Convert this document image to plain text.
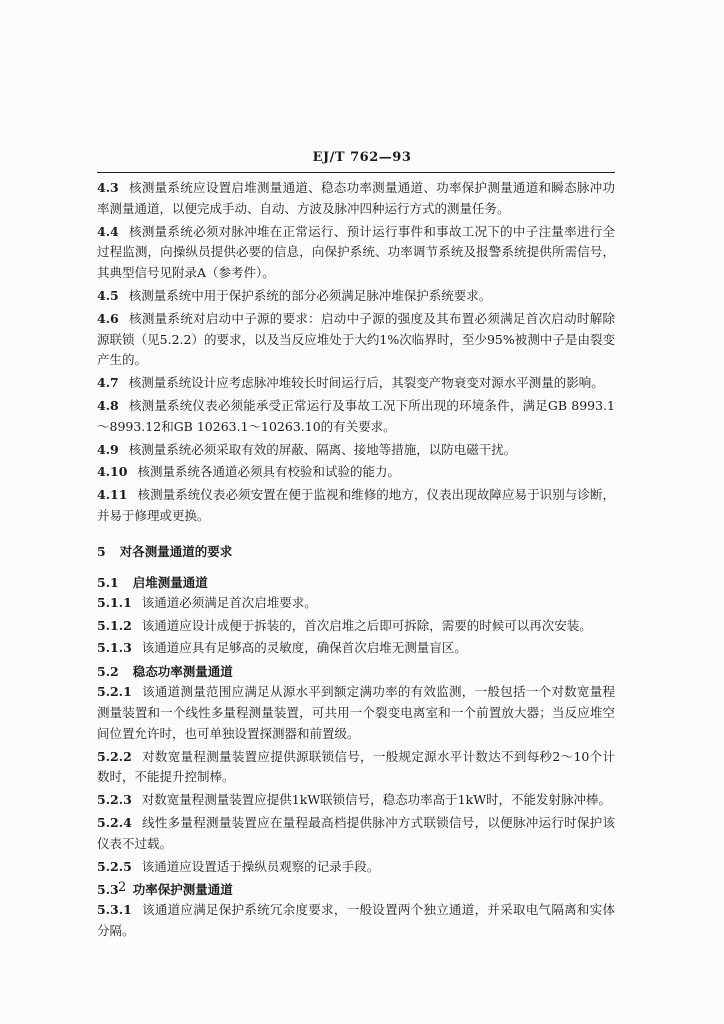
EJ/T 762—93

4.3 核测量系统应设置启堆测量通道、稳态功率测量通道、功率保护测量通道和瞬态脉冲功率测量通道，以便完成手动、自动、方波及脉冲四种运行方式的测量任务。

4.4 核测量系统必须对脉冲堆在正常运行、预计运行事件和事故工况下的中子注量率进行全过程监测，向操纵员提供必要的信息，向保护系统、功率调节系统及报警系统提供所需信号，其典型信号见附录A（参考件）。

4.5 核测量系统中用于保护系统的部分必须满足脉冲堆保护系统要求。

4.6 核测量系统对启动中子源的要求：启动中子源的强度及其布置必须满足首次启动时解除源联锁（见5.2.2）的要求，以及当反应堆处于大约1%次临界时，至少95%被测中子是由裂变产生的。

4.7 核测量系统设计应考虑脉冲堆较长时间运行后，其裂变产物衰变对源水平测量的影响。

4.8 核测量系统仪表必须能承受正常运行及事故工况下所出现的环境条件，满足GB 8993.1～8993.12和GB 10263.1～10263.10的有关要求。

4.9 核测量系统必须采取有效的屏蔽、隔离、接地等措施，以防电磁干扰。

4.10 核测量系统各通道必须具有校验和试验的能力。

4.11 核测量系统仪表必须安置在便于监视和维修的地方，仪表出现故障应易于识别与诊断，并易于修理或更换。

5 对各测量通道的要求

5.1 启堆测量通道

5.1.1 该通道必须满足首次启堆要求。

5.1.2 该通道应设计成便于拆装的，首次启堆之后即可拆除，需要的时候可以再次安装。

5.1.3 该通道应具有足够高的灵敏度，确保首次启堆无测量盲区。

5.2 稳态功率测量通道

5.2.1 该通道测量范围应满足从源水平到额定满功率的有效监测，一般包括一个对数宽量程测量装置和一个线性多量程测量装置，可共用一个裂变电离室和一个前置放大器；当反应堆空间位置允许时，也可单独设置探测器和前置级。

5.2.2 对数宽量程测量装置应提供源联锁信号，一般规定源水平计数达不到每秒2～10个计数时，不能提升控制棒。

5.2.3 对数宽量程测量装置应提供1kW联锁信号，稳态功率高于1kW时，不能发射脉冲棒。

5.2.4 线性多量程测量装置应在量程最高档提供脉冲方式联锁信号，以便脉冲运行时保护该仪表不过载。

5.2.5 该通道应设置适于操纵员观察的记录手段。

5.3 功率保护测量通道

5.3.1 该通道应满足保护系统冗余度要求，一般设置两个独立通道，并采取电气隔离和实体分隔。

2
